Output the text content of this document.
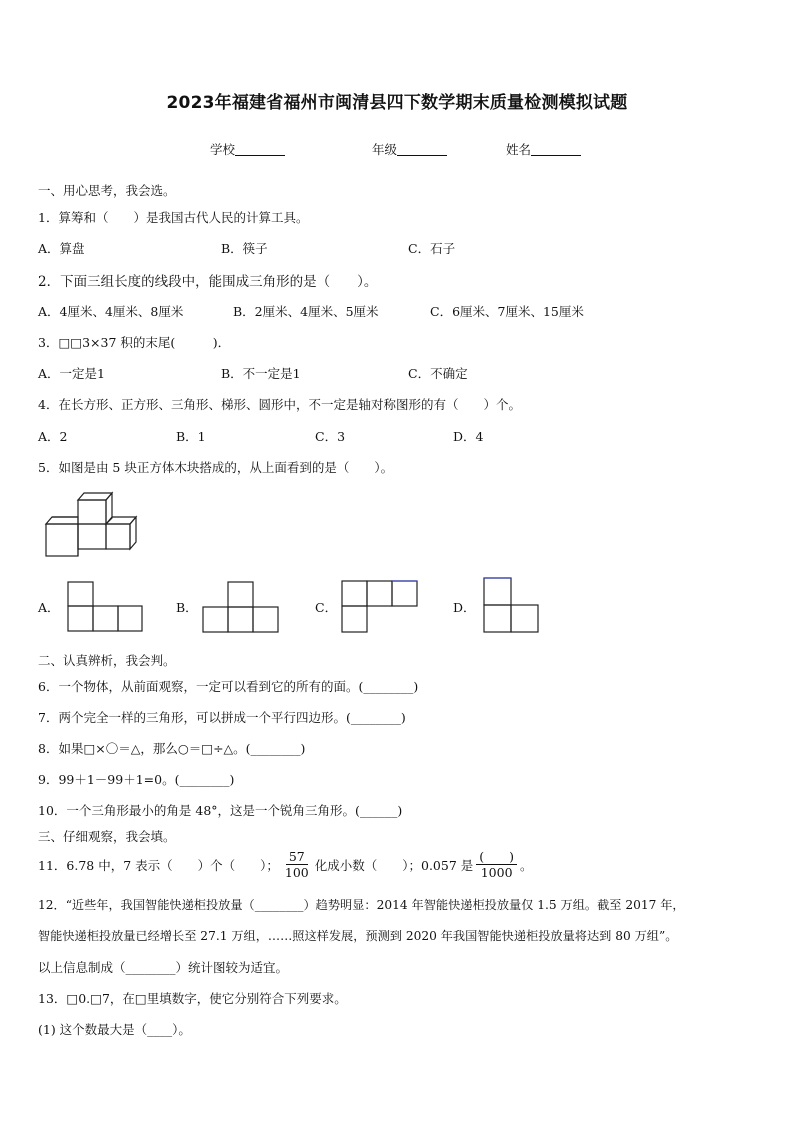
2023年福建省福州市闽清县四下数学期末质量检测模拟试题
学校	年级	姓名
一、用心思考，我会选。
1．算筹和（　　）是我国古代人民的计算工具。
A．算盘	B．筷子	C．石子
2．下面三组长度的线段中，能围成三角形的是（　　）。
A．4厘米、4厘米、8厘米	B．2厘米、4厘米、5厘米	C．6厘米、7厘米、15厘米
3．□□3×37 积的末尾(　　　)．
A．一定是1	B．不一定是1	C．不确定
4．在长方形、正方形、三角形、梯形、圆形中，不一定是轴对称图形的有（　　）个。
A．2	B．1	C．3	D．4
5．如图是由 5 块正方体木块搭成的，从上面看到的是（　　）。
A．	B．	C．	D．
二、认真辨析，我会判。
6．一个物体，从前面观察，一定可以看到它的所有的面。(________)
7．两个完全一样的三角形，可以拼成一个平行四边形。(________)
8．如果□×〇＝△，那么○＝□÷△。(________)
9．99＋1－99＋1=0。(________)
10．一个三角形最小的角是 48°，这是一个锐角三角形。(______)
三、仔细观察，我会填。
11．6.78 中，7 表示（　　）个（　　）； $\frac{57}{100}$ 化成小数（　　）；0.057 是 $\frac{( )}{1000}$ 。
12．“近些年，我国智能快递柜投放量（________）趋势明显：2014 年智能快递柜投放量仅 1.5 万组。截至 2017 年，
智能快递柜投放量已经增长至 27.1 万组，……照这样发展，预测到 2020 年我国智能快递柜投放量将达到 80 万组”。
以上信息制成（________）统计图较为适宜。
13．□0.□7，在□里填数字，使它分别符合下列要求。
(1) 这个数最大是（____）。
